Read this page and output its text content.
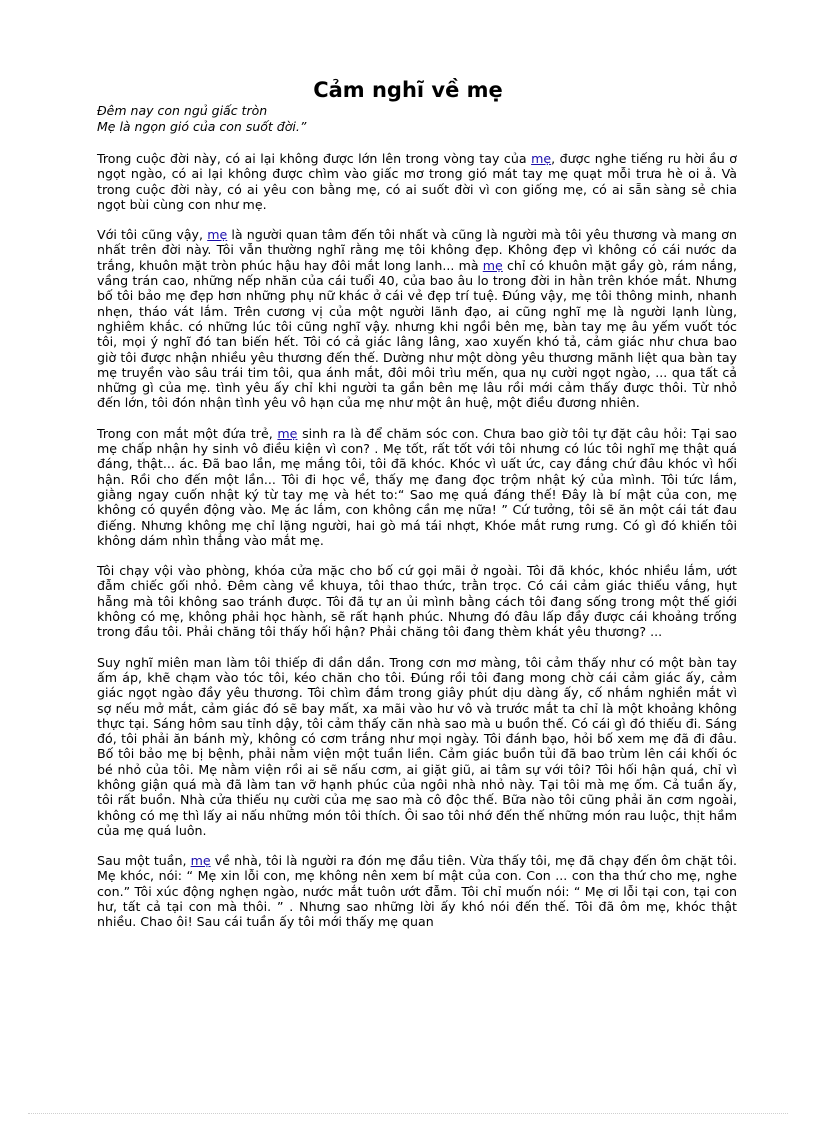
Cảm nghĩ về mẹ
Đêm nay con ngủ giấc tròn
Mẹ là ngọn gió của con suốt đời.”

Trong cuộc đời này, có ai lại không được lớn lên trong vòng tay của mẹ, được nghe tiếng ru hời ầu ơ ngọt ngào, có ai lại không được chìm vào giấc mơ trong gió mát tay mẹ quạt mỗi trưa hè oi ả. Và trong cuộc đời này, có ai yêu con bằng mẹ, có ai suốt đời vì con giống mẹ, có ai sẵn sàng sẻ chia ngọt bùi cùng con như mẹ.

Với tôi cũng vậy, mẹ là người quan tâm đến tôi nhất và cũng là người mà tôi yêu thương và mang ơn nhất trên đời này. Tôi vẫn thường nghĩ rằng mẹ tôi không đẹp. Không đẹp vì không có cái nước da trắng, khuôn mặt tròn phúc hậu hay đôi mắt long lanh... mà mẹ chỉ có khuôn mặt gầy gò, rám nắng, vầng trán cao, những nếp nhăn của cái tuổi 40, của bao âu lo trong đời in hằn trên khóe mắt. Nhưng bố tôi bảo mẹ đẹp hơn những phụ nữ khác ở cái vẻ đẹp trí tuệ. Đúng vậy, mẹ tôi thông minh, nhanh nhẹn, tháo vát lắm. Trên cương vị của một người lãnh đạo, ai cũng nghĩ mẹ là người lạnh lùng, nghiêm khắc. có những lúc tôi cũng nghĩ vậy. nhưng khi ngồi bên mẹ, bàn tay mẹ âu yếm vuốt tóc tôi, mọi ý nghĩ đó tan biến hết. Tôi có cả giác lâng lâng, xao xuyến khó tả, cảm giác như chưa bao giờ tôi được nhận nhiều yêu thương đến thế. Dường như một dòng yêu thương mãnh liệt qua bàn tay mẹ truyền vào sâu trái tim tôi, qua ánh mắt, đôi môi trìu mến, qua nụ cười ngọt ngào, ... qua tất cả những gì của mẹ. tình yêu ấy chỉ khi người ta gần bên mẹ lâu rồi mới cảm thấy được thôi. Từ nhỏ đến lớn, tôi đón nhận tình yêu vô hạn của mẹ như một ân huệ, một điều đương nhiên.

Trong con mắt một đứa trẻ, mẹ sinh ra là để chăm sóc con. Chưa bao giờ tôi tự đặt câu hỏi: Tại sao mẹ chấp nhận hy sinh vô điều kiện vì con? . Mẹ tốt, rất tốt với tôi nhưng có lúc tôi nghĩ mẹ thật quá đáng, thật... ác. Đã bao lần, mẹ mắng tôi, tôi đã khóc. Khóc vì uất ức, cay đắng chứ đâu khóc vì hối hận. Rồi cho đến một lần... Tôi đi học về, thấy mẹ đang đọc trộm nhật ký của mình. Tôi tức lắm, giằng ngay cuốn nhật ký từ tay mẹ và hét to:“ Sao mẹ quá đáng thế! Đây là bí mật của con, mẹ không có quyền động vào. Mẹ ác lắm, con không cần mẹ nữa! ” Cứ tưởng, tôi sẽ ăn một cái tát đau điếng. Nhưng không mẹ chỉ lặng người, hai gò má tái nhợt, Khóe mắt rưng rưng. Có gì đó khiến tôi không dám nhìn thẳng vào mắt mẹ.

Tôi chạy vội vào phòng, khóa cửa mặc cho bố cứ gọi mãi ở ngoài. Tôi đã khóc, khóc nhiều lắm, ướt đẫm chiếc gối nhỏ. Đêm càng về khuya, tôi thao thức, trằn trọc. Có cái cảm giác thiếu vắng, hụt hẫng mà tôi không sao tránh được. Tôi đã tự an ủi mình bằng cách tôi đang sống trong một thế giới không có mẹ, không phải học hành, sẽ rất hạnh phúc. Nhưng đó đâu lấp đầy được cái khoảng trống trong đầu tôi. Phải chăng tôi thấy hối hận? Phải chăng tôi đang thèm khát yêu thương? ...

Suy nghĩ miên man làm tôi thiếp đi dần dần. Trong cơn mơ màng, tôi cảm thấy như có một bàn tay ấm áp, khẽ chạm vào tóc tôi, kéo chăn cho tôi. Đúng rồi tôi đang mong chờ cái cảm giác ấy, cảm giác ngọt ngào đầy yêu thương. Tôi chìm đắm trong giây phút dịu dàng ấy, cố nhắm nghiền mắt vì sợ nếu mở mắt, cảm giác đó sẽ bay mất, xa mãi vào hư vô và trước mắt ta chỉ là một khoảng không thực tại. Sáng hôm sau tỉnh dậy, tôi cảm thấy căn nhà sao mà u buồn thế. Có cái gì đó thiếu đi. Sáng đó, tôi phải ăn bánh mỳ, không có cơm trắng như mọi ngày. Tôi đánh bạo, hỏi bố xem mẹ đã đi đâu. Bố tôi bảo mẹ bị bệnh, phải nằm viện một tuần liền. Cảm giác buồn tủi đã bao trùm lên cái khối óc bé nhỏ của tôi. Mẹ nằm viện rồi ai sẽ nấu cơm, ai giặt giũ, ai tâm sự với tôi? Tôi hối hận quá, chỉ vì không giận quá mà đã làm tan vỡ hạnh phúc của ngôi nhà nhỏ này. Tại tôi mà mẹ ốm. Cả tuần ấy, tôi rất buồn. Nhà cửa thiếu nụ cười của mẹ sao mà cô độc thế. Bữa nào tôi cũng phải ăn cơm ngoài, không có mẹ thì lấy ai nấu những món tôi thích. Ôi sao tôi nhớ đến thế những món rau luộc, thịt hầm của mẹ quá luôn.

Sau một tuần, mẹ về nhà, tôi là người ra đón mẹ đầu tiên. Vừa thấy tôi, mẹ đã chạy đến ôm chặt tôi. Mẹ khóc, nói: “ Mẹ xin lỗi con, mẹ không nên xem bí mật của con. Con ... con tha thứ cho mẹ, nghe con.” Tôi xúc động nghẹn ngào, nước mắt tuôn ướt đẫm. Tôi chỉ muốn nói: “ Mẹ ơi lỗi tại con, tại con hư, tất cả tại con mà thôi. ” . Nhưng sao những lời ấy khó nói đến thế. Tôi đã ôm mẹ, khóc thật nhiều. Chao ôi! Sau cái tuần ấy tôi mới thấy mẹ quan
